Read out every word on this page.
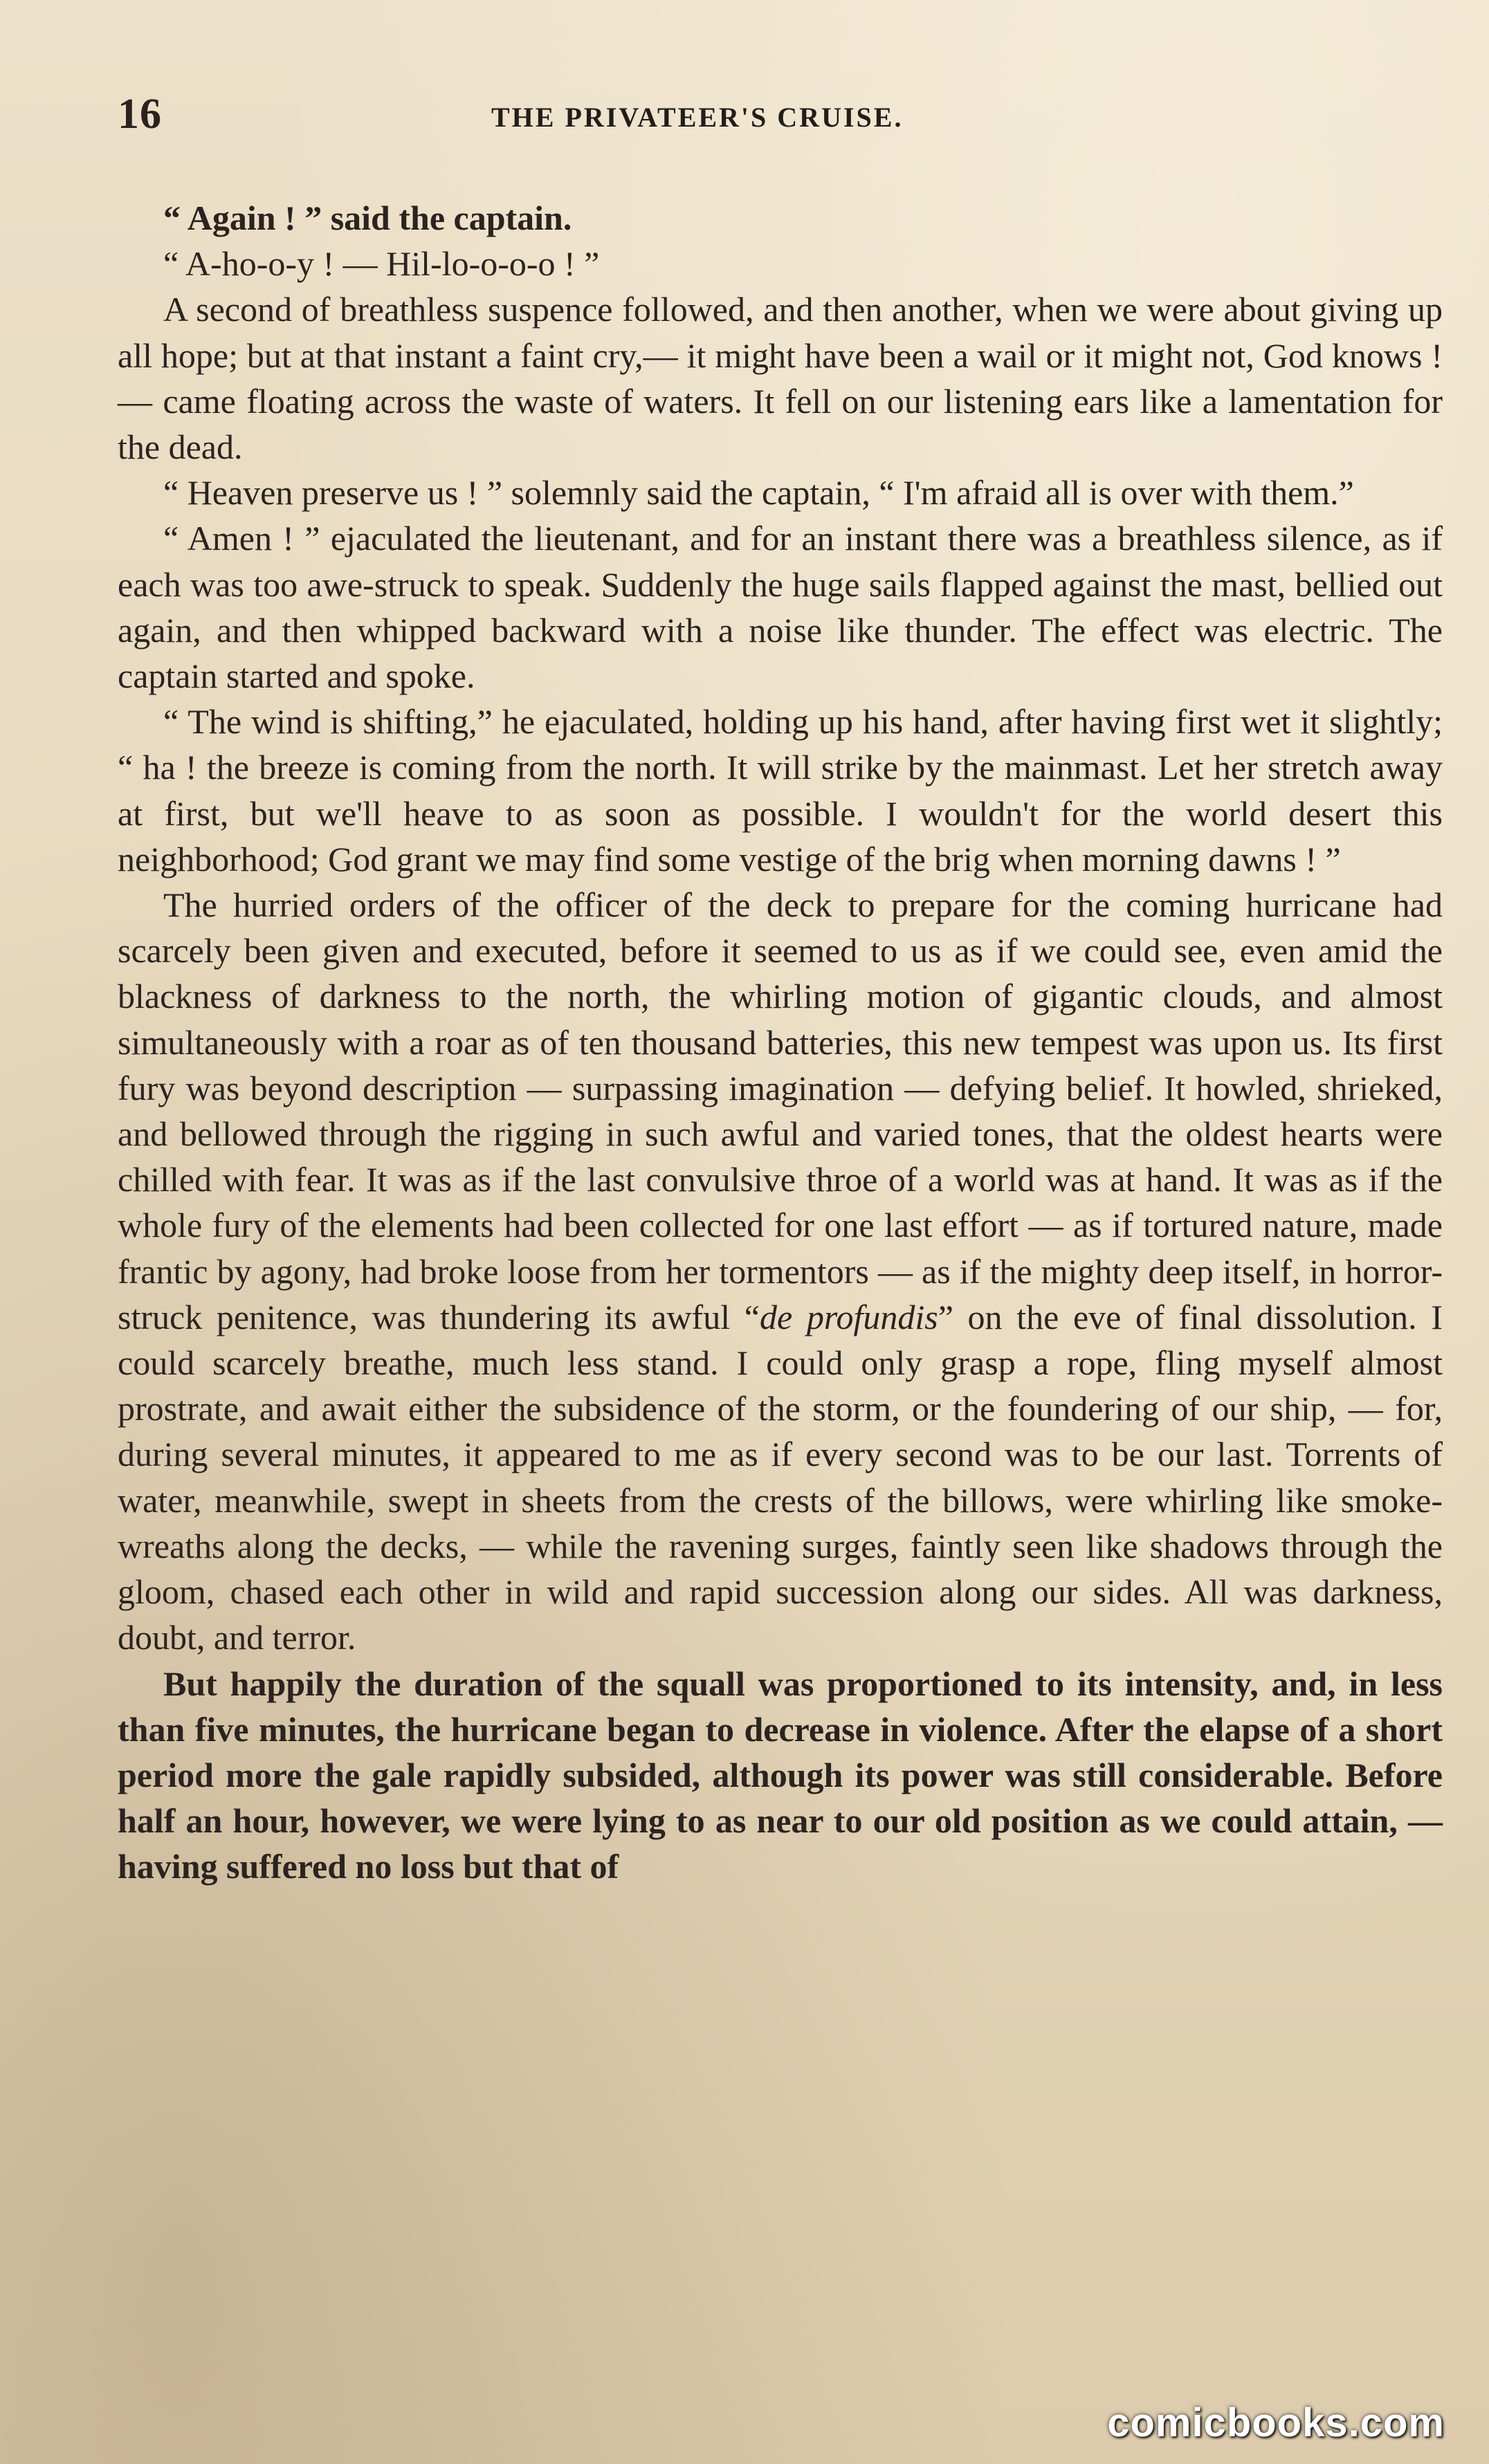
16	THE PRIVATEER'S CRUISE.

“ Again ! ” said the captain.

“ A-ho-o-y ! — Hil-lo-o-o-o ! ”

A second of breathless suspence followed, and then another, when we were about giving up all hope; but at that instant a faint cry,— it might have been a wail or it might not, God knows ! — came floating across the waste of waters. It fell on our listening ears like a lamentation for the dead.

“ Heaven preserve us ! ” solemnly said the captain, “ I'm afraid all is over with them.”

“ Amen ! ” ejaculated the lieutenant, and for an instant there was a breathless silence, as if each was too awe-struck to speak. Suddenly the huge sails flapped against the mast, bellied out again, and then whipped backward with a noise like thunder. The effect was electric. The captain started and spoke.

“ The wind is shifting,” he ejaculated, holding up his hand, after having first wet it slightly; “ ha ! the breeze is coming from the north. It will strike by the mainmast. Let her stretch away at first, but we'll heave to as soon as possible. I wouldn't for the world desert this neighborhood; God grant we may find some vestige of the brig when morning dawns ! ”

The hurried orders of the officer of the deck to prepare for the coming hurricane had scarcely been given and executed, before it seemed to us as if we could see, even amid the blackness of darkness to the north, the whirling motion of gigantic clouds, and almost simultaneously with a roar as of ten thousand batteries, this new tempest was upon us. Its first fury was beyond description — surpassing imagination — defying belief. It howled, shrieked, and bellowed through the rigging in such awful and varied tones, that the oldest hearts were chilled with fear. It was as if the last convulsive throe of a world was at hand. It was as if the whole fury of the elements had been collected for one last effort — as if tortured nature, made frantic by agony, had broke loose from her tormentors — as if the mighty deep itself, in horror-struck penitence, was thundering its awful “de profundis” on the eve of final dissolution. I could scarcely breathe, much less stand. I could only grasp a rope, fling myself almost prostrate, and await either the subsidence of the storm, or the foundering of our ship, — for, during several minutes, it appeared to me as if every second was to be our last. Torrents of water, meanwhile, swept in sheets from the crests of the billows, were whirling like smoke-wreaths along the decks, — while the ravening surges, faintly seen like shadows through the gloom, chased each other in wild and rapid succession along our sides. All was darkness, doubt, and terror.

But happily the duration of the squall was proportioned to its intensity, and, in less than five minutes, the hurricane began to decrease in violence. After the elapse of a short period more the gale rapidly subsided, although its power was still considerable. Before half an hour, however, we were lying to as near to our old position as we could attain, — having suffered no loss but that of

comicbooks.com
